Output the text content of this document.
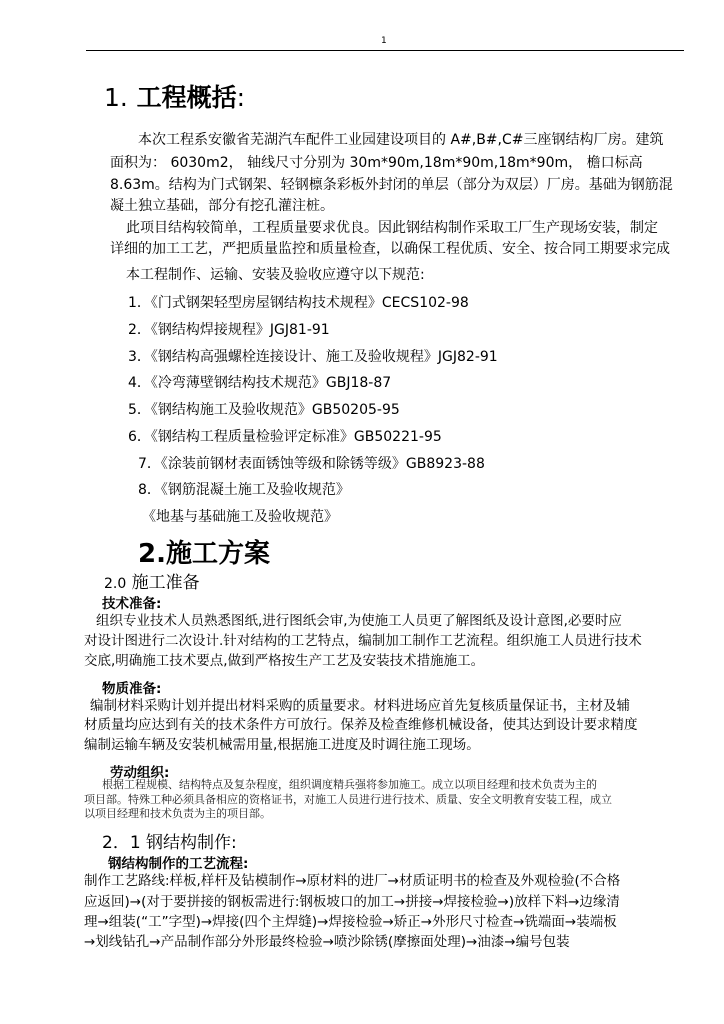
1
1. 工程概括:
本次工程系安徽省芜湖汽车配件工业园建设项目的 A#,B#,C#三座钢结构厂房。建筑
面积为： 6030m2， 轴线尺寸分别为 30m*90m,18m*90m,18m*90m， 檐口标高
8.63m。结构为门式钢架、轻钢檩条彩板外封闭的单层（部分为双层）厂房。基础为钢筋混
凝土独立基础，部分有挖孔灌注桩。
此项目结构较简单，工程质量要求优良。因此钢结构制作采取工厂生产现场安装，制定
详细的加工工艺，严把质量监控和质量检查，以确保工程优质、安全、按合同工期要求完成
本工程制作、运输、安装及验收应遵守以下规范:
1．《门式钢架轻型房屋钢结构技术规程》CECS102-98
2．《钢结构焊接规程》JGJ81-91
3．《钢结构高强螺栓连接设计、施工及验收规程》JGJ82-91
4．《冷弯薄壁钢结构技术规范》GBJ18-87
5．《钢结构施工及验收规范》GB50205-95
6．《钢结构工程质量检验评定标准》GB50221-95
7．《涂装前钢材表面锈蚀等级和除锈等级》GB8923-88
8．《钢筋混凝土施工及验收规范》
《地基与基础施工及验收规范》
2.施工方案
2.0 施工准备
技术准备:
组织专业技术人员熟悉图纸,进行图纸会审,为使施工人员更了解图纸及设计意图,必要时应
对设计图进行二次设计.针对结构的工艺特点，编制加工制作工艺流程。组织施工人员进行技术
交底,明确施工技术要点,做到严格按生产工艺及安装技术措施施工。
物质准备:
编制材料采购计划并提出材料采购的质量要求。材料进场应首先复核质量保证书，主材及辅
材质量均应达到有关的技术条件方可放行。保养及检查维修机械设备，使其达到设计要求精度
编制运输车辆及安装机械需用量,根据施工进度及时调往施工现场。
劳动组织:
根据工程规模、结构特点及复杂程度，组织调度精兵强将参加施工。成立以项目经理和技术负责为主的
项目部。特殊工种必须具备相应的资格证书，对施工人员进行进行技术、质量、安全文明教育安装工程，成立
以项目经理和技术负责为主的项目部。
2．1 钢结构制作:
钢结构制作的工艺流程:
制作工艺路线:样板,样杆及钻模制作→原材料的进厂→材质证明书的检查及外观检验(不合格
应返回)→(对于要拼接的钢板需进行:钢板坡口的加工→拼接→焊接检验→)放样下料→边缘清
理→组装(“工”字型)→焊接(四个主焊缝)→焊接检验→矫正→外形尺寸检查→铣端面→装端板
→划线钻孔→产品制作部分外形最终检验→喷沙除锈(摩擦面处理)→油漆→编号包装
